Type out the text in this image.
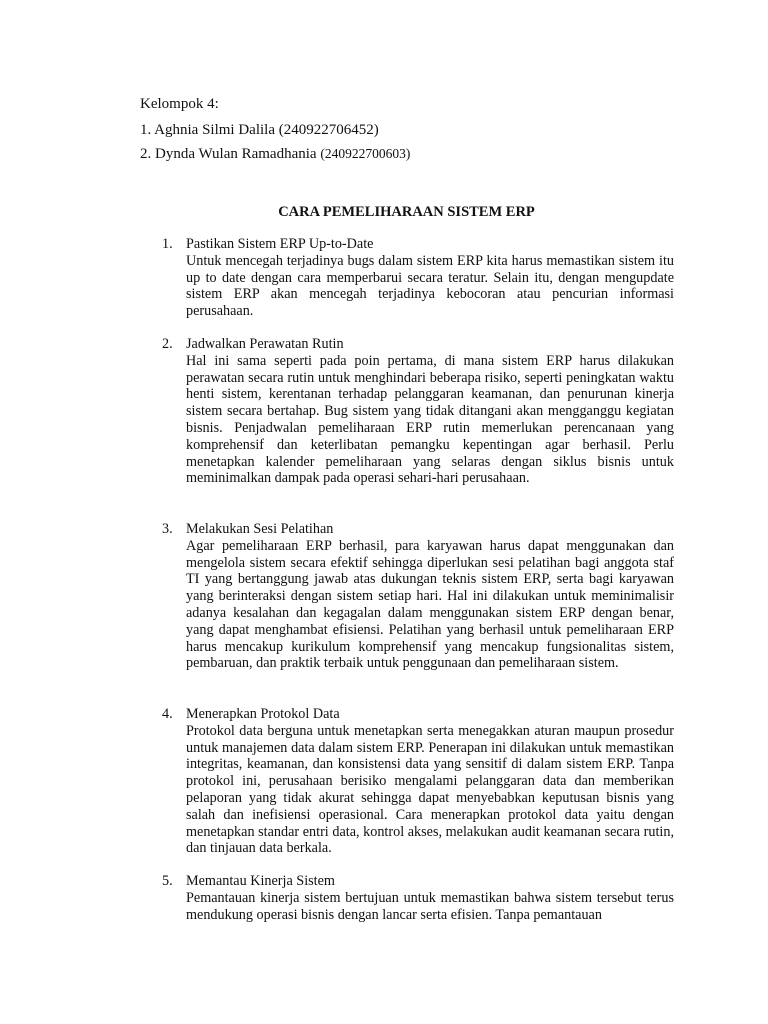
Kelompok 4:
1. Aghnia Silmi Dalila (240922706452)
2. Dynda Wulan Ramadhania (240922700603)
CARA PEMELIHARAAN SISTEM ERP
1. Pastikan Sistem ERP Up-to-Date
Untuk mencegah terjadinya bugs dalam sistem ERP kita harus memastikan sistem itu up to date dengan cara memperbarui secara teratur. Selain itu, dengan mengupdate sistem ERP akan mencegah terjadinya kebocoran atau pencurian informasi perusahaan.
2. Jadwalkan Perawatan Rutin
Hal ini sama seperti pada poin pertama, di mana sistem ERP harus dilakukan perawatan secara rutin untuk menghindari beberapa risiko, seperti peningkatan waktu henti sistem, kerentanan terhadap pelanggaran keamanan, dan penurunan kinerja sistem secara bertahap. Bug sistem yang tidak ditangani akan mengganggu kegiatan bisnis. Penjadwalan pemeliharaan ERP rutin memerlukan perencanaan yang komprehensif dan keterlibatan pemangku kepentingan agar berhasil. Perlu menetapkan kalender pemeliharaan yang selaras dengan siklus bisnis untuk meminimalkan dampak pada operasi sehari-hari perusahaan.
3. Melakukan Sesi Pelatihan
Agar pemeliharaan ERP berhasil, para karyawan harus dapat menggunakan dan mengelola sistem secara efektif sehingga diperlukan sesi pelatihan bagi anggota staf TI yang bertanggung jawab atas dukungan teknis sistem ERP, serta bagi karyawan yang berinteraksi dengan sistem setiap hari. Hal ini dilakukan untuk meminimalisir adanya kesalahan dan kegagalan dalam menggunakan sistem ERP dengan benar, yang dapat menghambat efisiensi. Pelatihan yang berhasil untuk pemeliharaan ERP harus mencakup kurikulum komprehensif yang mencakup fungsionalitas sistem, pembaruan, dan praktik terbaik untuk penggunaan dan pemeliharaan sistem.
4. Menerapkan Protokol Data
Protokol data berguna untuk menetapkan serta menegakkan aturan maupun prosedur untuk manajemen data dalam sistem ERP. Penerapan ini dilakukan untuk memastikan integritas, keamanan, dan konsistensi data yang sensitif di dalam sistem ERP. Tanpa protokol ini, perusahaan berisiko mengalami pelanggaran data dan memberikan pelaporan yang tidak akurat sehingga dapat menyebabkan keputusan bisnis yang salah dan inefisiensi operasional. Cara menerapkan protokol data yaitu dengan menetapkan standar entri data, kontrol akses, melakukan audit keamanan secara rutin, dan tinjauan data berkala.
5. Memantau Kinerja Sistem
Pemantauan kinerja sistem bertujuan untuk memastikan bahwa sistem tersebut terus mendukung operasi bisnis dengan lancar serta efisien. Tanpa pemantauan
